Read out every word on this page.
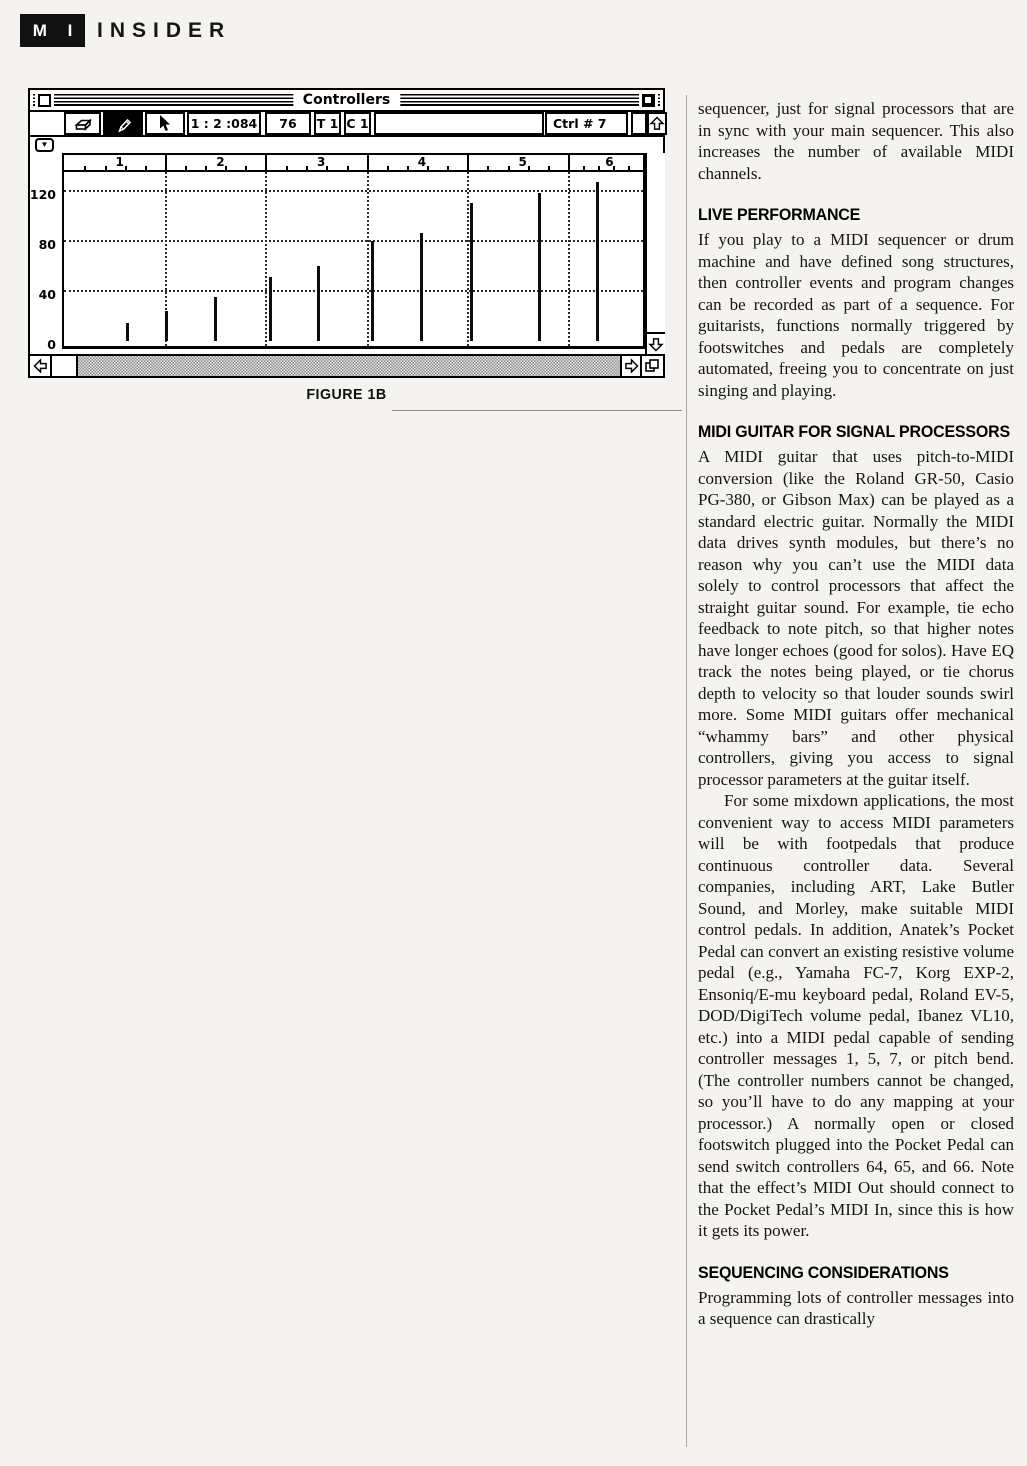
M I INSIDER
Controllers
1 : 2 :084	76	T 1 C 1	Ctrl # 7
▼
120
80
40
0
1	2	3	4	5	6
FIGURE 1B

sequencer, just for signal processors that are in sync with your main sequencer. This also increases the number of available MIDI channels.

LIVE PERFORMANCE

If you play to a MIDI sequencer or drum machine and have defined song structures, then controller events and program changes can be recorded as part of a sequence. For guitarists, functions normally triggered by footswitches and pedals are completely automated, freeing you to concentrate on just singing and playing.

MIDI GUITAR FOR SIGNAL PROCESSORS

A MIDI guitar that uses pitch-to-MIDI conversion (like the Roland GR-50, Casio PG-380, or Gibson Max) can be played as a standard electric guitar. Normally the MIDI data drives synth modules, but there’s no reason why you can’t use the MIDI data solely to control processors that affect the straight guitar sound. For example, tie echo feedback to note pitch, so that higher notes have longer echoes (good for solos). Have EQ track the notes being played, or tie chorus depth to velocity so that louder sounds swirl more. Some MIDI guitars offer mechanical “whammy bars” and other physical controllers, giving you access to signal processor parameters at the guitar itself.

For some mixdown applications, the most convenient way to access MIDI parameters will be with footpedals that produce continuous controller data. Several companies, including ART, Lake Butler Sound, and Morley, make suitable MIDI control pedals. In addition, Anatek’s Pocket Pedal can convert an existing resistive volume pedal (e.g., Yamaha FC-7, Korg EXP-2, Ensoniq/E-mu keyboard pedal, Roland EV-5, DOD/DigiTech volume pedal, Ibanez VL10, etc.) into a MIDI pedal capable of sending controller messages 1, 5, 7, or pitch bend. (The controller numbers cannot be changed, so you’ll have to do any mapping at your processor.) A normally open or closed footswitch plugged into the Pocket Pedal can send switch controllers 64, 65, and 66. Note that the effect’s MIDI Out should connect to the Pocket Pedal’s MIDI In, since this is how it gets its power.

SEQUENCING CONSIDERATIONS

Programming lots of controller messages into a sequence can drastically
